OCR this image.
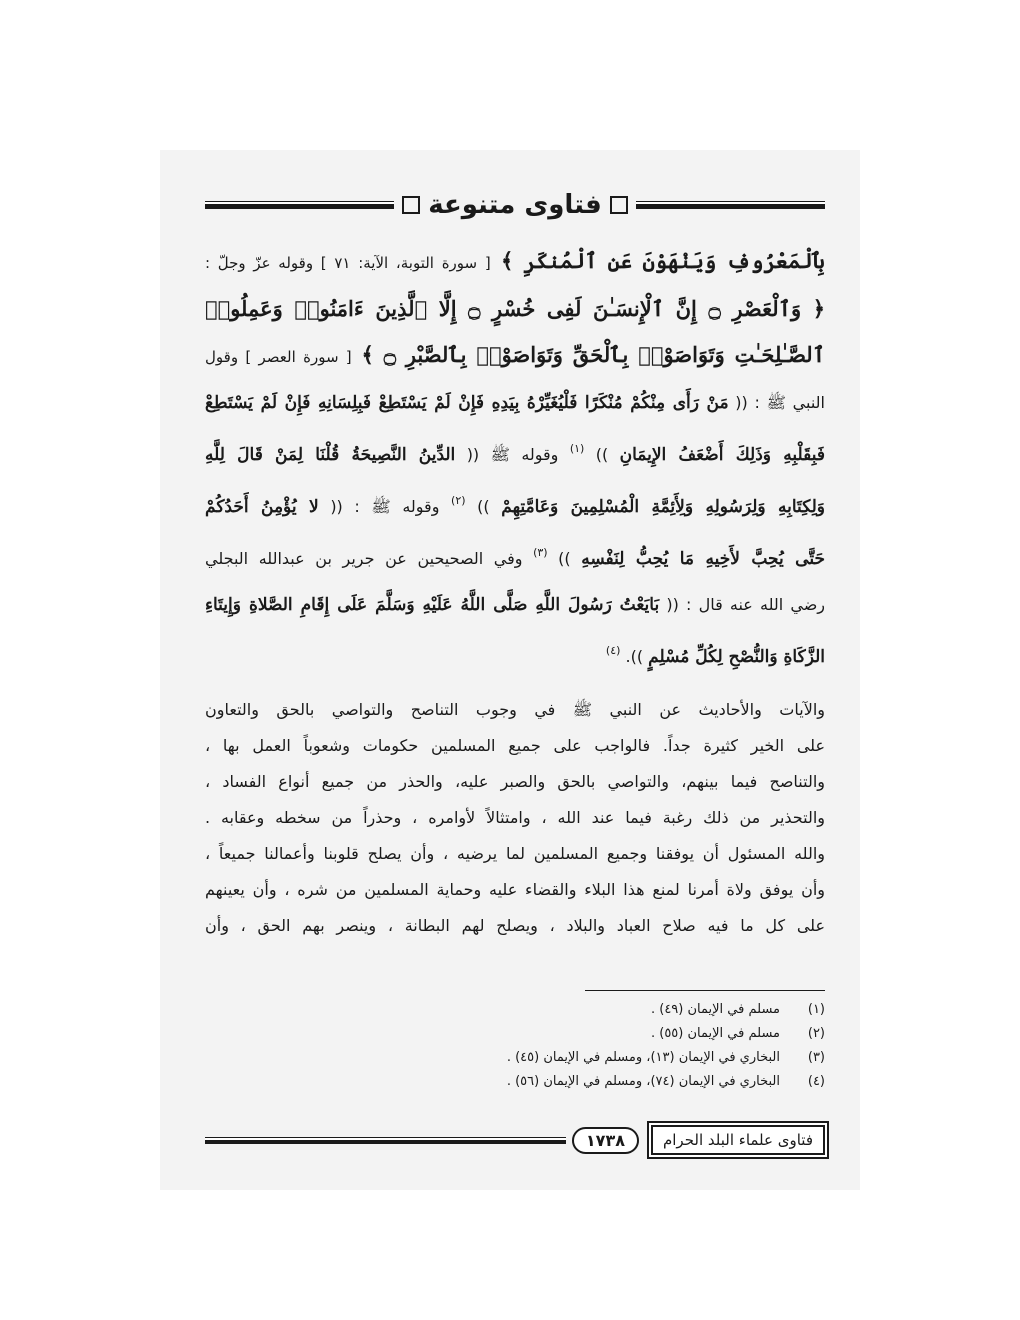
فتاوى متنوعة
بِٱلْمَعْرُوفِ وَيَنْهَوْنَ عَنِ ٱلْمُنكَرِ ﴾ [ سورة التوبة، الآية: ٧١ ] وقوله عزّ وجلّ :
﴿ وَٱلْعَصْرِ ۝ إِنَّ ٱلْإِنسَـٰنَ لَفِى خُسْرٍ ۝ إِلَّا ٱلَّذِينَ ءَامَنُوا۟ وَعَمِلُوا۟
ٱلصَّـٰلِحَـٰتِ وَتَوَاصَوْا۟ بِٱلْحَقِّ وَتَوَاصَوْا۟ بِٱلصَّبْرِ ۝ ﴾ [ سورة العصر ] وقول
النبي ﷺ : (( مَنْ رَأَى مِنْكُمْ مُنْكَرًا فَلْيُغَيِّرْهُ بِيَدِهِ فَإِنْ لَمْ يَسْتَطِعْ فَبِلِسَانِهِ فَإِنْ لَمْ يَسْتَطِعْ
فَبِقَلْبِهِ وَذَلِكَ أَضْعَفُ الإِيمَانِ )) $^{(١)}$ وقوله ﷺ (( الدِّينُ النَّصِيحَةُ قُلْنَا لِمَنْ قَالَ لِلَّهِ
وَلِكِتَابِهِ وَلِرَسُولِهِ وَلِأَئِمَّةِ الْمُسْلِمِينَ وَعَامَّتِهِمْ )) $^{(٢)}$ وقوله ﷺ : (( لا يُؤْمِنُ أَحَدُكُمْ
حَتَّى يُحِبَّ لأَخِيهِ مَا يُحِبُّ لِنَفْسِهِ )) $^{(٣)}$ وفي الصحيحين عن جرير بن عبدالله البجلي
رضي الله عنه قال : (( بَايَعْتُ رَسُولَ اللَّهِ صَلَّى اللَّهُ عَلَيْهِ وَسَلَّمَ عَلَى إِقَامِ الصَّلاةِ وَإِيتَاءِ
الزَّكَاةِ وَالنُّصْحِ لِكُلِّ مُسْلِمٍ )). $^{(٤)}$
والآيات والأحاديث عن النبي ﷺ في وجوب التناصح والتواصي بالحق والتعاون
على الخير كثيرة جداً. فالواجب على جميع المسلمين حكومات وشعوباً العمل بها ،
والتناصح فيما بينهم، والتواصي بالحق والصبر عليه، والحذر من جميع أنواع الفساد ،
والتحذير من ذلك رغبة فيما عند الله ، وامتثالاً لأوامره ، وحذراً من سخطه وعقابه .
والله المسئول أن يوفقنا وجميع المسلمين لما يرضيه ، وأن يصلح قلوبنا وأعمالنا جميعاً ،
وأن يوفق ولاة أمرنا لمنع هذا البلاء والقضاء عليه وحماية المسلمين من شره ، وأن يعينهم
على كل ما فيه صلاح العباد والبلاد ، ويصلح لهم البطانة ، وينصر بهم الحق ، وأن
(١)
مسلم في الإيمان (٤٩) .
(٢)
مسلم في الإيمان (٥٥) .
(٣)
البخاري في الإيمان (١٣)، ومسلم في الإيمان (٤٥) .
(٤)
البخاري في الإيمان (٧٤)، ومسلم في الإيمان (٥٦) .
١٧٣٨	فتاوى علماء البلد الحرام
